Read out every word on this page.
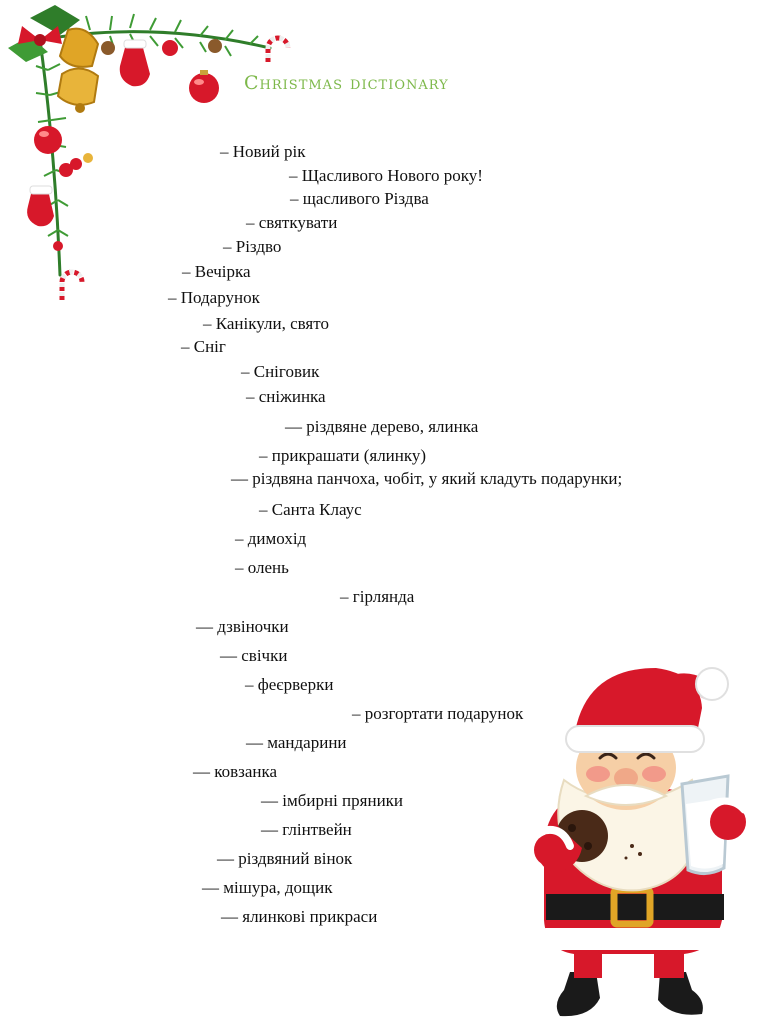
Christmas dictionary
– Новий рік
– Щасливого Нового року!
– щасливого Різдва
– святкувати
– Різдво
– Вечірка
– Подарунок
– Канікули, свято
– Сніг
– Сніговик
– сніжинка
— різдвяне дерево, ялинка
– прикрашати (ялинку)
— різдвяна панчоха, чобіт, у який кладуть подарунки;
– Санта Клаус
– димохід
– олень
– гірлянда
— дзвіночки
— свічки
– феєрверки
– розгортати подарунок
— мандарини
— ковзанка
— імбирні пряники
— глінтвейн
— різдвяний вінок
— мішура, дощик
— ялинкові прикраси
